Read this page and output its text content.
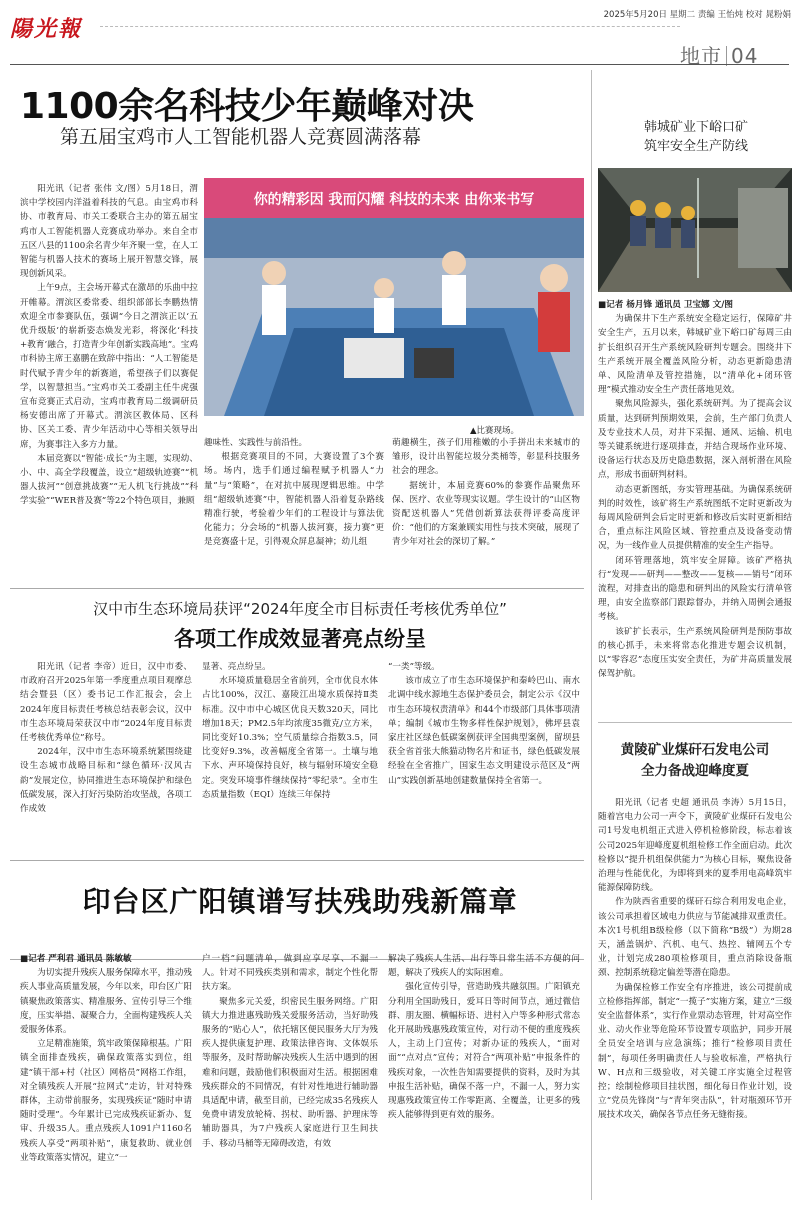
陽光報
2025年5月20日 星期二 责编 王怡炖 校对 晁粉娟
地市 04
1100余名科技少年巅峰对决
第五届宝鸡市人工智能机器人竞赛圆满落幕

阳光讯（记者 张伟 文/图）5月18日，渭滨中学校园内洋溢着科技的气息。由宝鸡市科协、市教育局、市关工委联合主办的第五届宝鸡市人工智能机器人竞赛成功举办。来自全市五区八县的1100余名青少年齐聚一堂，在人工智能与机器人技术的赛场上展开智慧交锋，展现创新风采。

上午9点，主会场开幕式在激昂的乐曲中拉开帷幕。渭滨区委常委、组织部部长李鹏热情欢迎全市参赛队伍，强调“今日之渭滨正以‘五优升级版’的崭新姿态焕发光彩，将深化‘科技+教育’融合，打造青少年创新实践高地”。宝鸡市科协主席王嘉鹏在致辞中指出：“人工智能是时代赋予青少年的新赛道，希望孩子们以赛促学，以智慧担当。”宝鸡市关工委副主任牛虎强宣布竞赛正式启动，宝鸡市教育局二级调研员杨安德出席了开幕式。渭滨区教体局、区科协、区关工委、青少年活动中心等相关领导出席，为赛事注入多方力量。

本届竞赛以“智能·成长”为主题，实现幼、小、中、高全学段覆盖，设立“超级轨迹赛”“机器人拔河”“创意挑战赛”“无人机飞行挑战”“科学实验”“WER普及赛”等22个特色项目，兼顾

你的精彩因 我而闪耀 科技的未来 由你来书写
▲比赛现场。

趣味性、实践性与前沿性。

根据竞赛项目的不同，大赛设置了3个赛场。场内，选手们通过编程赋予机器人“力量”与“策略”，在对抗中展现逻辑思维。中学组“超级轨迹赛”中，智能机器人沿着复杂路线精准行驶，考验着少年们的工程设计与算法优化能力；分会场的“机器人拔河赛，接力赛”更是竞赛盛十足，引得观众屏息凝神；幼儿组

萌趣横生，孩子们用稚嫩的小手拼出未来城市的雏形，设计出智能垃圾分类桶等，彰显科技服务社会的理念。

据统计，本届竞赛60%的参赛作品聚焦环保、医疗、农业等现实议题。学生设计的“山区物资配送机器人”凭借创新算法获得评委高度评价：“他们的方案兼顾实用性与技术突破，展现了青少年对社会的深切了解。”

韩城矿业下峪口矿
筑牢安全生产防线

■记者 杨月锋 通讯员 卫宝娜 文/图

为确保井下生产系统安全稳定运行，保障矿井安全生产，五月以来，韩城矿业下峪口矿每周三由扩长组织召开生产系统风险研判专题会。围绕井下生产系统开展全覆盖风险分析，动态更新隐患清单、风险清单及管控措施，以“清单化+闭环管理”模式推动安全生产责任落地见效。

聚焦风险源头，强化系统研判。为了提高会议质量，达到研判预期效果，会前，生产部门负责人及专业技术人员，对井下采掘、通风、运输、机电等关键系统进行逐项排查，并结合现场作业环境、设备运行状态及历史隐患数据，深入剖析潜在风险点，形成书面研判材料。

动态更新图纸，夯实管理基础。为确保系统研判的时效性，该矿将生产系统图纸不定时更新改为每周风险研判会后定时更新和修改后实时更新相结合，重点标注风险区域、管控重点及设备变动情况，为一线作业人员提供精准的安全生产指导。

闭环管理落地，筑牢安全屏障。该矿严格执行“发现——研判——整改——复核——销号”闭环流程，对排查出的隐患和研判出的风险实行清单管理，由安全监察部门跟踪督办，并纳入周例会通报考核。

该矿扩长表示，生产系统风险研判是预防事故的核心抓手，未来将常态化推进专题会议机制，以“零容忍”态度压实安全责任，为矿井高质量发展保驾护航。

汉中市生态环境局获评“2024年度全市目标责任考核优秀单位”
各项工作成效显著亮点纷呈

阳光讯（记者 李帝）近日，汉中市委、市政府召开2025年第一季度重点项目观摩总结会暨县（区）委书记工作汇报会，会上2024年度目标责任考核总结表彰会议，汉中市生态环境局荣获汉中市“2024年度目标责任考核优秀单位”称号。

2024年，汉中市生态环境系统紧围绕建设生态城市战略目标和“绿色循环·汉风古韵”发展定位，协同推进生态环境保护和绿色低碳发展，深入打好污染防治攻坚战，各项工作成效

显著、亮点纷呈。

水环境质量稳居全省前列，全市优良水体占比100%，汉江、嘉陵江出境水质保持Ⅱ类标准。汉中市中心城区优良天数320天，同比增加18天；PM2.5年均浓度35微克/立方米，同比变好10.3%；空气质量综合指数3.5，同比变好9.3%，改善幅度全省第一。土壤与地下水、声环境保持良好，核与辐射环境安全稳定。突发环境事件继续保持“零纪录”。全市生态质量指数（EQI）连续三年保持

“一类”等级。

该市成立了市生态环境保护和秦岭巴山、南水北调中线水源地生态保护委员会，制定公示《汉中市生态环境权责清单》和44个市级部门具体事项清单；编制《城市生物多样性保护规划》，佛坪县袁家庄社区绿色低碳案例获评全国典型案例，留坝县获全省首张大熊猫动物名片和证书，绿色低碳发展经验在全省推广，国家生态文明建设示范区及“两山”实践创新基地创建数量保持全省第一。

印台区广阳镇谱写扶残助残新篇章

■记者 严利君 通讯员 陈敏敏

为切实提升残疾人服务保障水平，推动残疾人事业高质量发展，今年以来，印台区广阳镇聚焦政策落实、精准服务、宣传引导三个维度，压实举措、凝聚合力，全面构建残疾人关爱服务体系。

立足精准施策，筑牢政策保障根基。广阳镇全面排查残疾，确保政策落实到位，组建“镇干部+村（社区）网格员”网格工作组，对全镇残疾人开展“拉网式”走访，针对特殊群体，主动带前服务，实现残疾证“随时申请随时受理”。今年累计已完成残疾证新办、复审、升级35人。重点残疾人1091户1160名残疾人享受“两项补贴”，康复救助、就业创业等政策落实情况，建立“一

户一档”问题清单，做到应享尽享、不漏一人。针对不同残疾类别和需求，制定个性化帮扶方案。

聚焦多元关爱，织密民生服务网络。广阳镇大力推进惠残助残关爱服务活动，当好助残服务的“贴心人”，依托辖区便民服务大厅为残疾人提供康复护理、政策法律咨询、文体娱乐等服务，及时帮助解决残疾人生活中遇到的困难和问题，鼓励他们积极面对生活。根据困难残疾群众的不同情况，有针对性地进行辅助器具适配申请，截至目前，已经完成35名残疾人免费申请发放轮椅、拐杖、助听器、护理床等辅助器具，为7户残疾人家庭进行卫生间扶手、移动马桶等无障碍改造，有效

解决了残疾人生活、出行等日常生活不方便的问题，解决了残疾人的实际困难。

强化宣传引导，营造助残共融氛围。广阳镇充分利用全国助残日，爱耳日等时间节点，通过微信群、朋友圈、横幅标语、进村入户等多种形式常态化开展助残惠残政策宣传，对行动不便的重度残疾人，主动上门宣传；对新办证的残疾人，“面对面”“点对点”宣传；对符合“两项补贴”申报条件的残疾对象，一次性告知需要提供的资料，及时为其申报生活补贴，确保不落一户，不漏一人，努力实现惠残政策宣传工作零距离、全覆盖，让更多的残疾人能够得到更有效的服务。

黄陵矿业煤矸石发电公司
全力备战迎峰度夏

阳光讯（记者 史超 通讯员 李涛）5月15日，随着宫电力公司一声令下，黄陵矿业煤矸石发电公司1号发电机组正式进入停机检修阶段，标志着该公司2025年迎峰度夏机组检修工作全面启动。此次检修以“提升机组保供能力”为核心目标，聚焦设备治理与性能优化，为即将到来的夏季用电高峰筑牢能源保障防线。

作为陕西省重要的煤矸石综合利用发电企业，该公司承担着区域电力供应与节能减排双重责任。本次1号机组B级检修（以下简称“B级”）为期28天，涵盖锅炉、汽机、电气、热控、辅网五个专业，计划完成280项检修项目，重点消除设备瓶颈、控制系统稳定偏差等潜在隐患。

为确保检修工作安全有序推进，该公司提前成立检修指挥部，制定“一揽子”实施方案，建立“三级安全监督体系”，实行作业票动态管理，针对高空作业、动火作业等危险环节设置专项监护，同步开展全员安全培训与应急演练；推行“检修项目责任制”，每项任务明确责任人与验收标准，严格执行W、H点和三级验收，对关键工序实施全过程管控；绘制检修项目挂状图，细化每日作业计划，设立“党员先锋岗”与“青年突击队”，针对瓶颈环节开展技术攻关，确保各节点任务无缝衔接。
